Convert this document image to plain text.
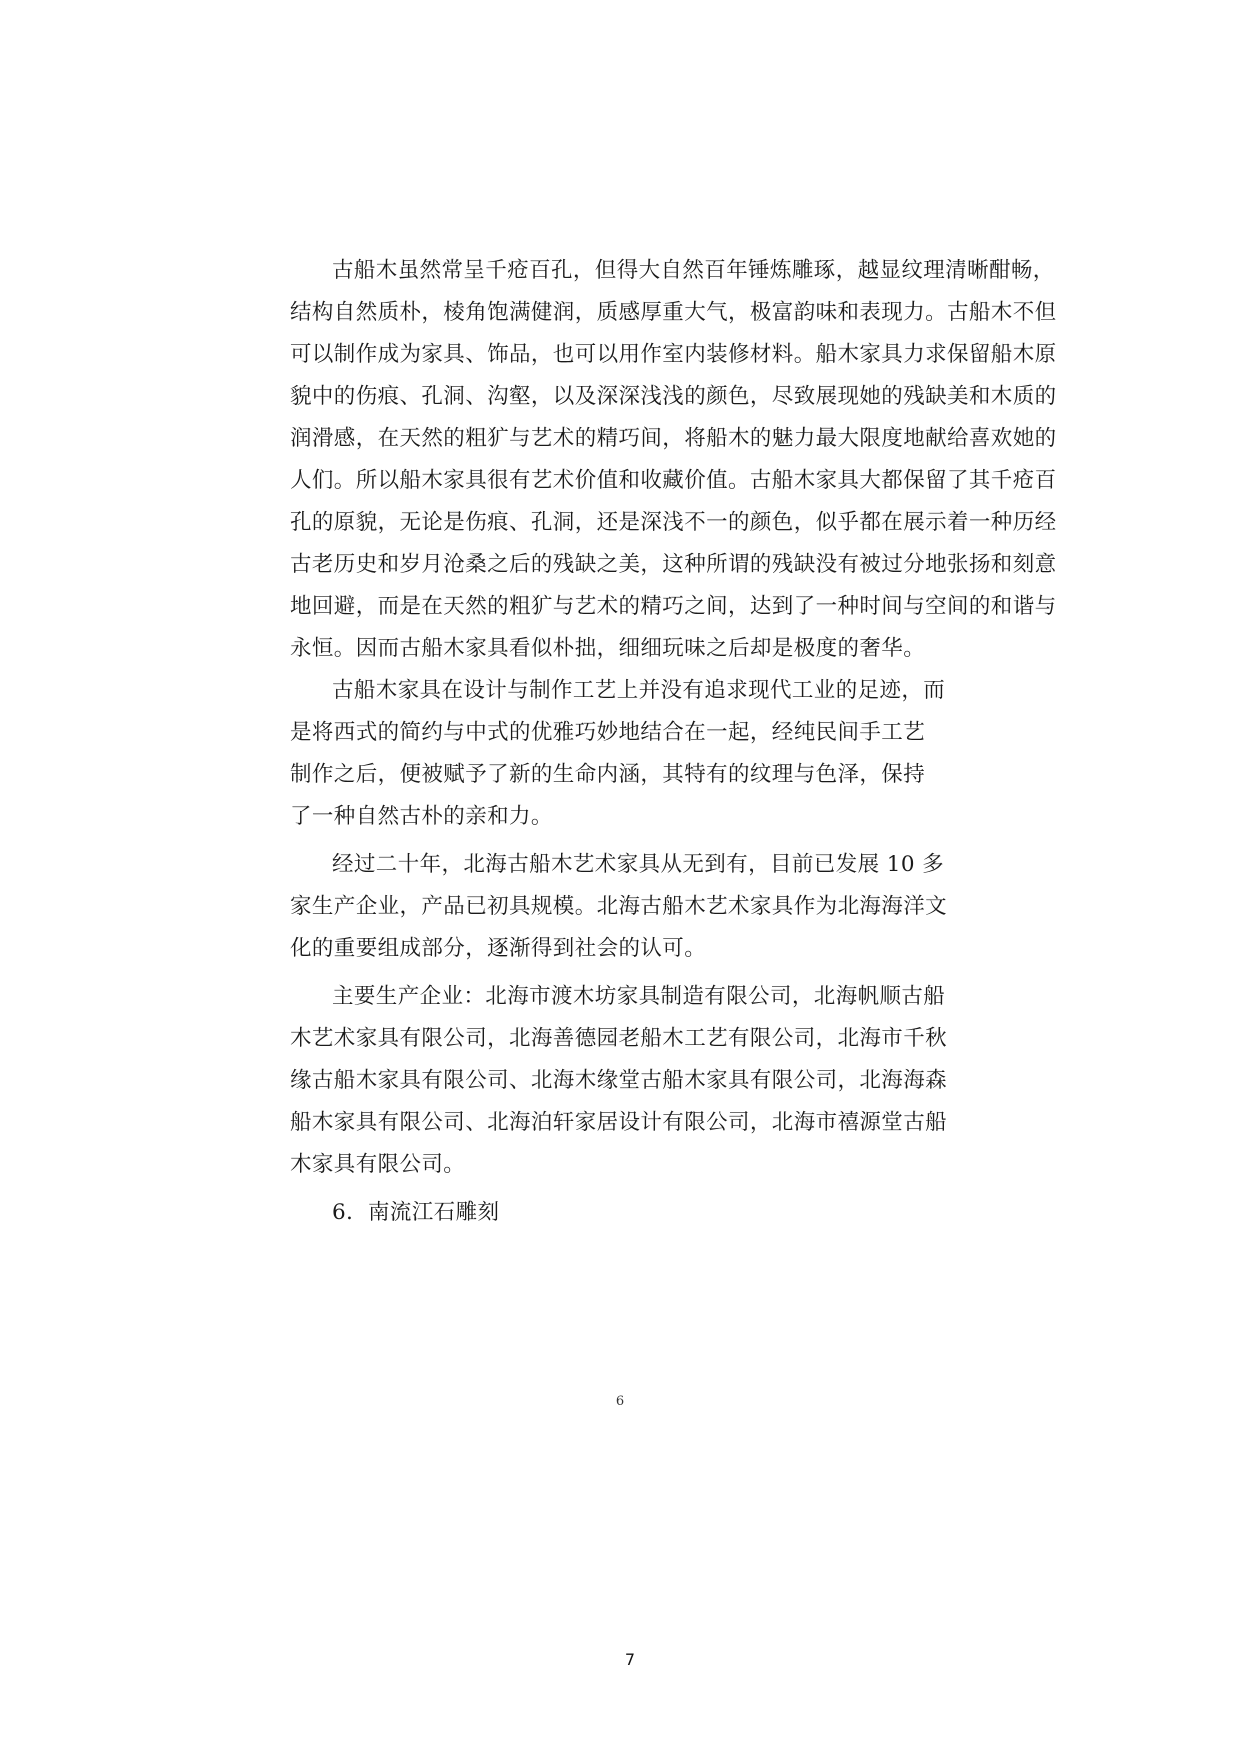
古船木虽然常呈千疮百孔，但得大自然百年锤炼雕琢，越显纹理清晰酣畅，
结构自然质朴，棱角饱满健润，质感厚重大气，极富韵味和表现力。古船木不但
可以制作成为家具、饰品，也可以用作室内装修材料。船木家具力求保留船木原
貌中的伤痕、孔洞、沟壑，以及深深浅浅的颜色，尽致展现她的残缺美和木质的
润滑感，在天然的粗犷与艺术的精巧间，将船木的魅力最大限度地献给喜欢她的
人们。所以船木家具很有艺术价值和收藏价值。古船木家具大都保留了其千疮百
孔的原貌，无论是伤痕、孔洞，还是深浅不一的颜色，似乎都在展示着一种历经
古老历史和岁月沧桑之后的残缺之美，这种所谓的残缺没有被过分地张扬和刻意
地回避，而是在天然的粗犷与艺术的精巧之间，达到了一种时间与空间的和谐与
永恒。因而古船木家具看似朴拙，细细玩味之后却是极度的奢华。
古船木家具在设计与制作工艺上并没有追求现代工业的足迹，而
是将西式的简约与中式的优雅巧妙地结合在一起，经纯民间手工艺
制作之后，便被赋予了新的生命内涵，其特有的纹理与色泽，保持
了一种自然古朴的亲和力。
经过二十年，北海古船木艺术家具从无到有，目前已发展 10 多
家生产企业，产品已初具规模。北海古船木艺术家具作为北海海洋文
化的重要组成部分，逐渐得到社会的认可。
主要生产企业：北海市渡木坊家具制造有限公司，北海帆顺古船
木艺术家具有限公司，北海善德园老船木工艺有限公司，北海市千秋
缘古船木家具有限公司、北海木缘堂古船木家具有限公司，北海海森
船木家具有限公司、北海泊轩家居设计有限公司，北海市禧源堂古船
木家具有限公司。
6．南流江石雕刻
6
7
